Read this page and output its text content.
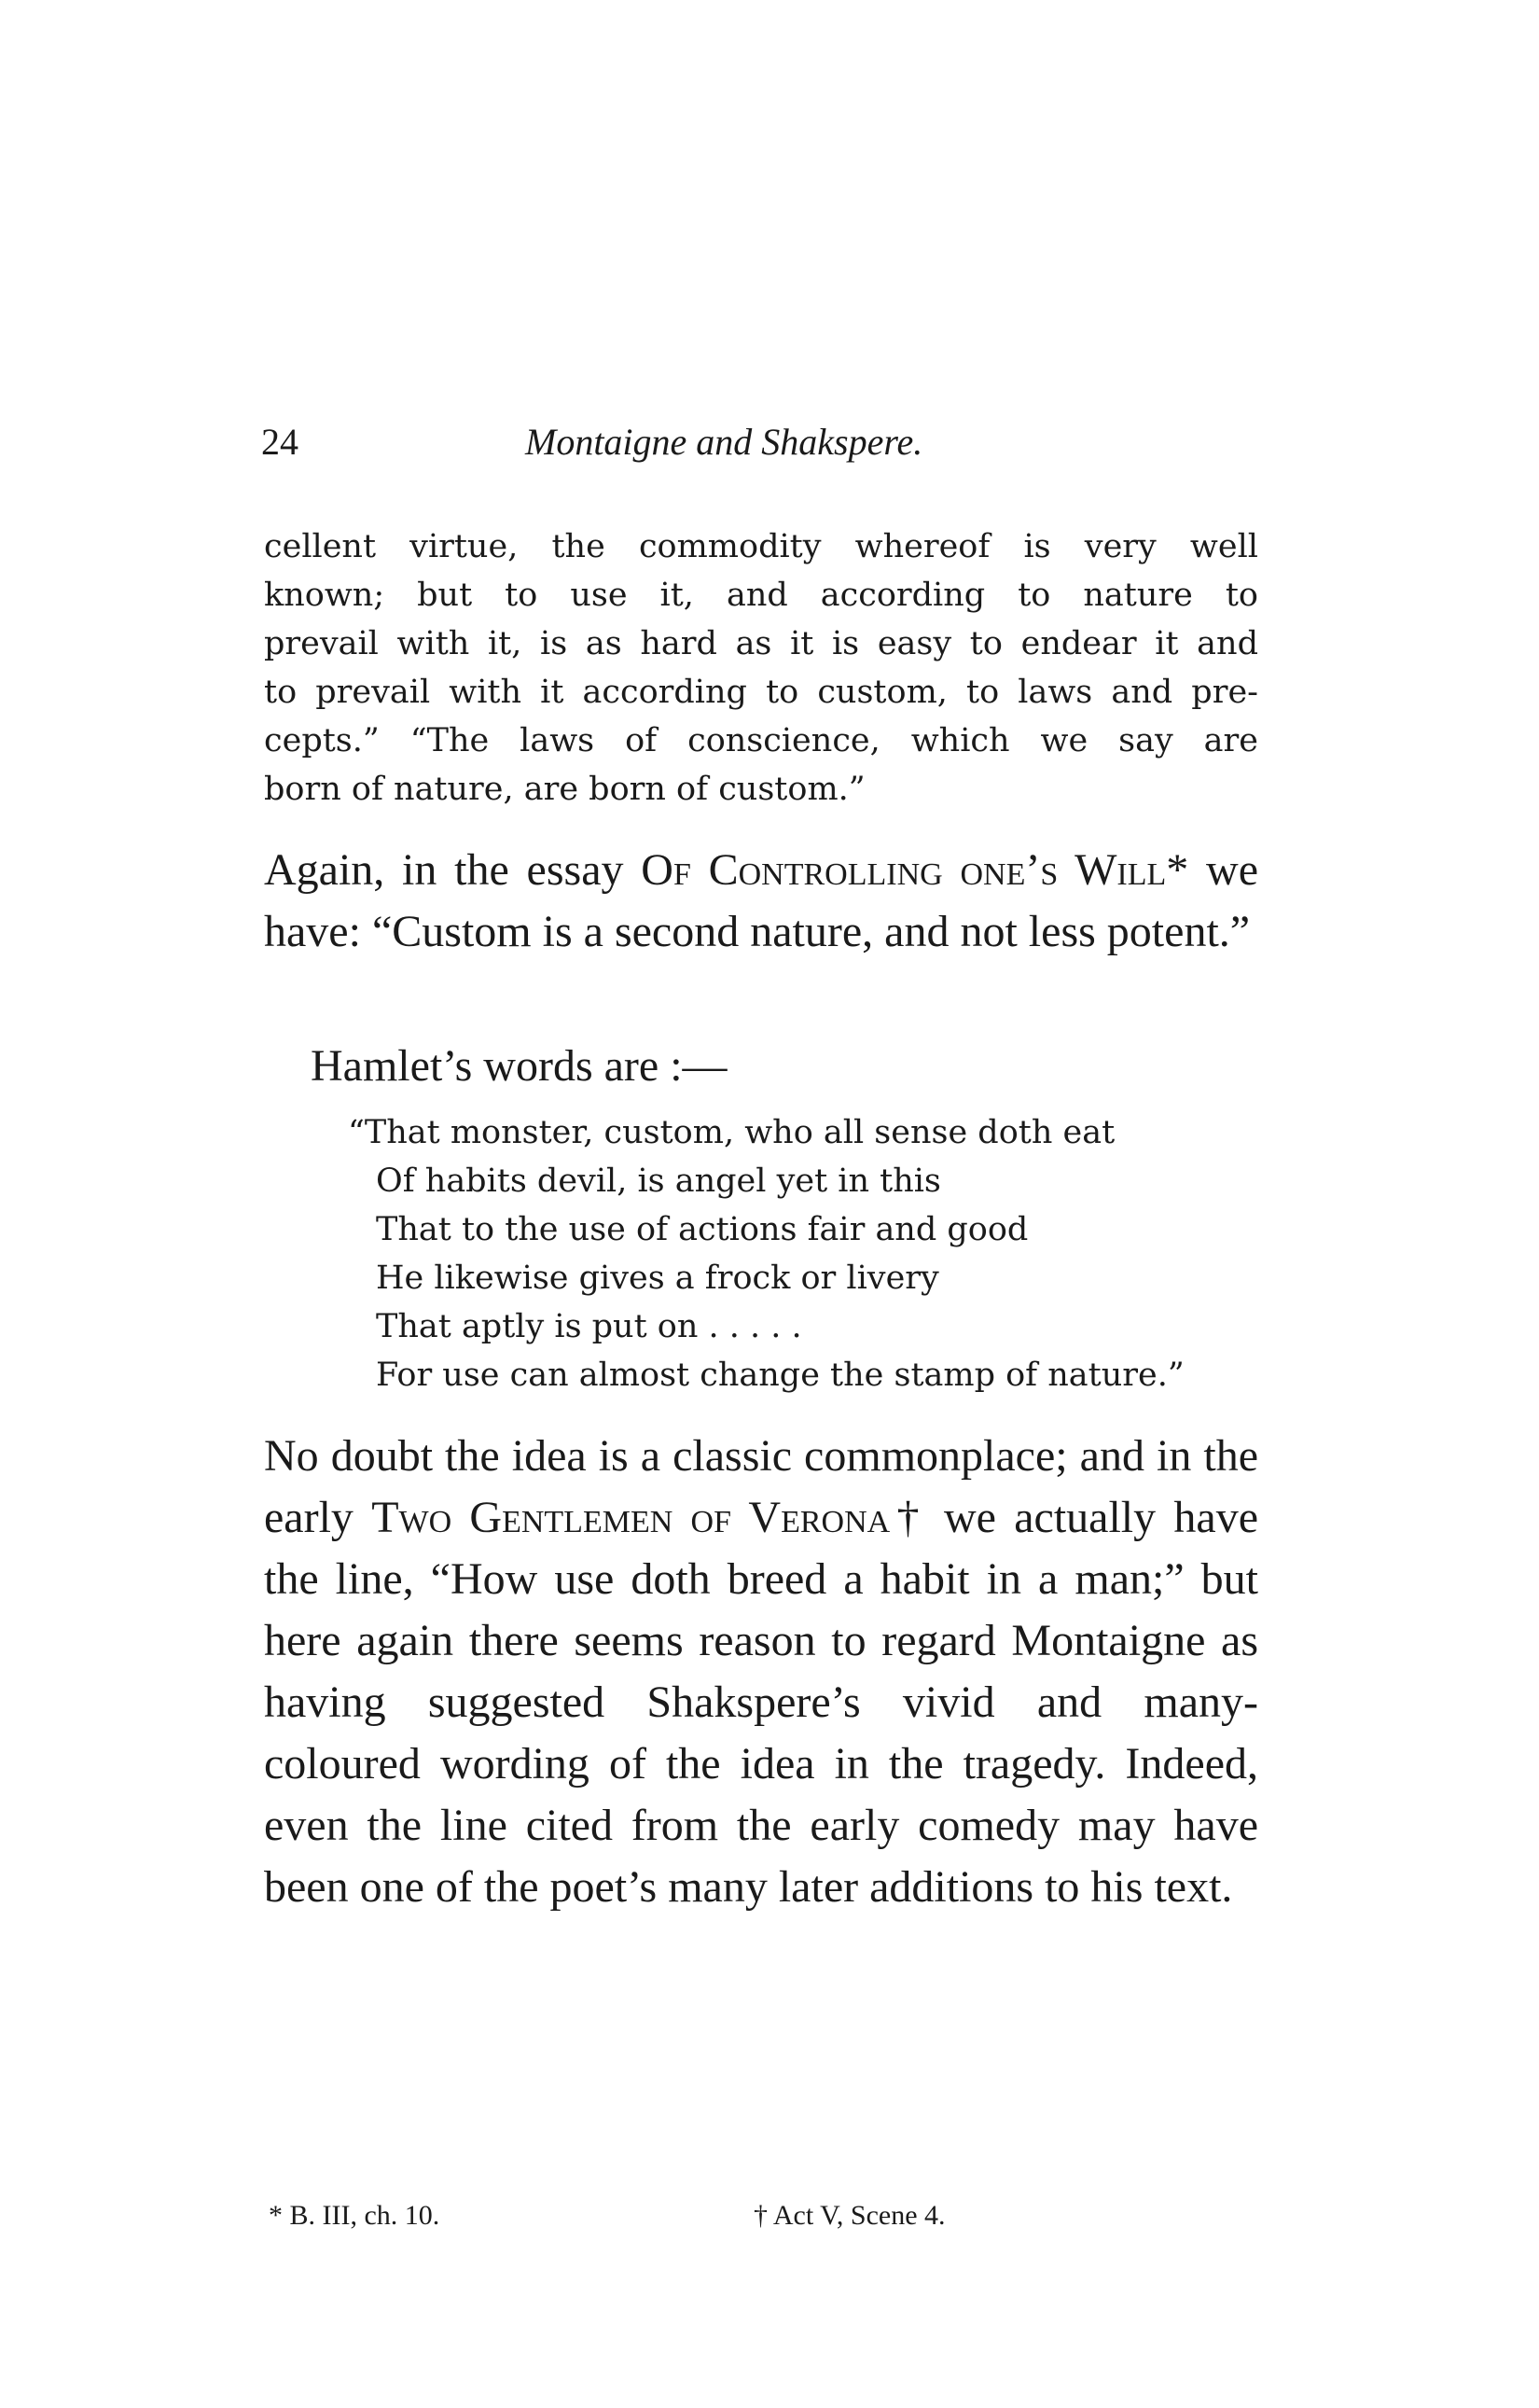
24	Montaigne and Shakspere.
cellent virtue, the commodity whereof is very well
known; but to use it, and according to nature to
prevail with it, is as hard as it is easy to endear it and
to prevail with it according to custom, to laws and pre-
cepts.” “The laws of conscience, which we say are
born of nature, are born of custom.”
Again, in the essay Of Controlling one’s Will* we have: “Custom is a second nature, and not less potent.”
Hamlet’s words are :—
“That monster, custom, who all sense doth eat
Of habits devil, is angel yet in this
That to the use of actions fair and good
He likewise gives a frock or livery
That aptly is put on . . . . .
For use can almost change the stamp of nature.”
No doubt the idea is a classic commonplace; and in the early Two Gentlemen of Verona† we actually have the line, “How use doth breed a habit in a man;” but here again there seems reason to regard Montaigne as having suggested Shakspere’s vivid and many-coloured wording of the idea in the tragedy. Indeed, even the line cited from the early comedy may have been one of the poet’s many later additions to his text.
* B. III, ch. 10.	† Act V, Scene 4.
